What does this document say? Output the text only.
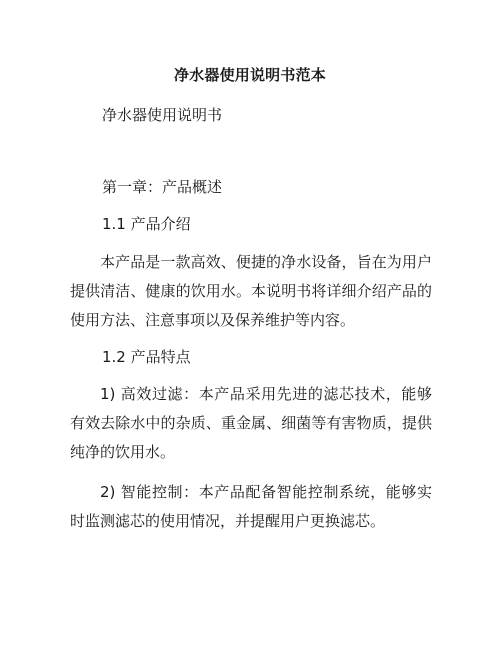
净水器使用说明书范本
净水器使用说明书
第一章：产品概述
1.1 产品介绍
本产品是一款高效、便捷的净水设备，旨在为用户提供清洁、健康的饮用水。本说明书将详细介绍产品的使用方法、注意事项以及保养维护等内容。
1.2 产品特点
1) 高效过滤：本产品采用先进的滤芯技术，能够有效去除水中的杂质、重金属、细菌等有害物质，提供纯净的饮用水。
2) 智能控制：本产品配备智能控制系统，能够实时监测滤芯的使用情况，并提醒用户更换滤芯。
